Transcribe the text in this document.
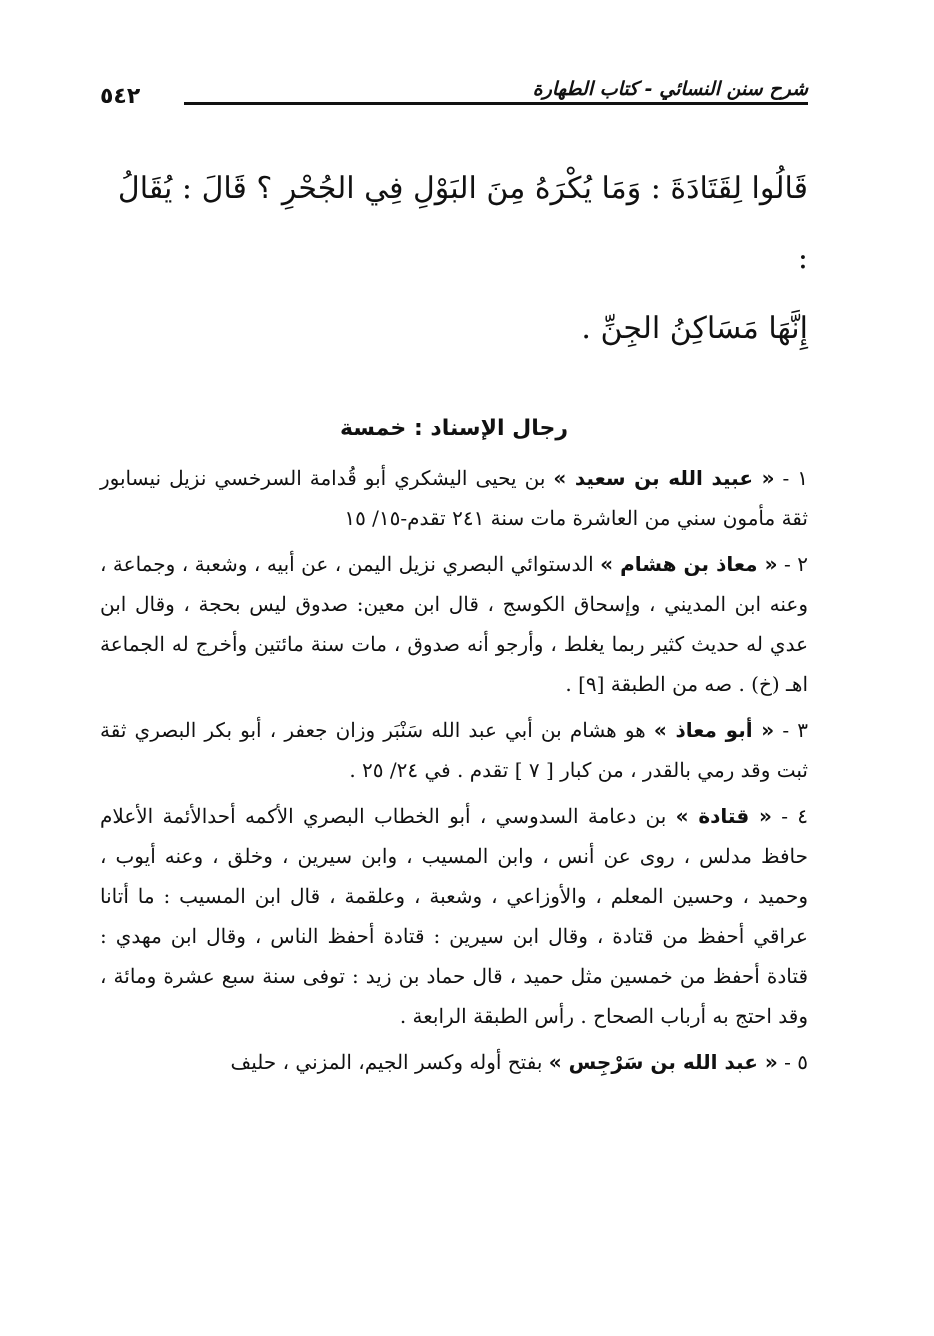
٥٤٢	شرح سنن النسائي - كتاب الطهارة
قَالُوا لِقَتَادَةَ : وَمَا يُكْرَهُ مِنَ البَوْلِ فِي الجُحْرِ ؟ قَالَ : يُقَالُ :
إِنَّهَا مَسَاكِنُ الجِنِّ .
رجال الإسناد : خمسة

١ - « عبيد الله بن سعيد » بن يحيى اليشكري أبو قُدامة السرخسي نزيل نيسابور ثقة مأمون سني من العاشرة مات سنة ٢٤١ تقدم-١٥/ ١٥

٢ - « معاذ بن هشام » الدستوائي البصري نزيل اليمن ، عن أبيه ، وشعبة ، وجماعة ، وعنه ابن المديني ، وإسحاق الكوسج ، قال ابن معين: صدوق ليس بحجة ، وقال ابن عدي له حديث كثير ربما يغلط ، وأرجو أنه صدوق ، مات سنة مائتين وأخرج له الجماعة اهـ (خ) . صه من الطبقة [٩] .

٣ - « أبو معاذ » هو هشام بن أبي عبد الله سَنْبَر وزان جعفر ، أبو بكر البصري ثقة ثبت وقد رمي بالقدر ، من كبار [ ٧ ] تقدم . في ٢٤/ ٢٥ .

٤ - « قتادة » بن دعامة السدوسي ، أبو الخطاب البصري الأكمه أحدالأئمة الأعلام حافظ مدلس ، روى عن أنس ، وابن المسيب ، وابن سيرين ، وخلق ، وعنه أيوب ، وحميد ، وحسين المعلم ، والأوزاعي ، وشعبة ، وعلقمة ، قال ابن المسيب : ما أتانا عراقي أحفظ من قتادة ، وقال ابن سيرين : قتادة أحفظ الناس ، وقال ابن مهدي : قتادة أحفظ من خمسين مثل حميد ، قال حماد بن زيد : توفى سنة سبع عشرة ومائة ، وقد احتج به أرباب الصحاح . رأس الطبقة الرابعة .

٥ - « عبد الله بن سَرْجِس » بفتح أوله وكسر الجيم، المزني ، حليف
